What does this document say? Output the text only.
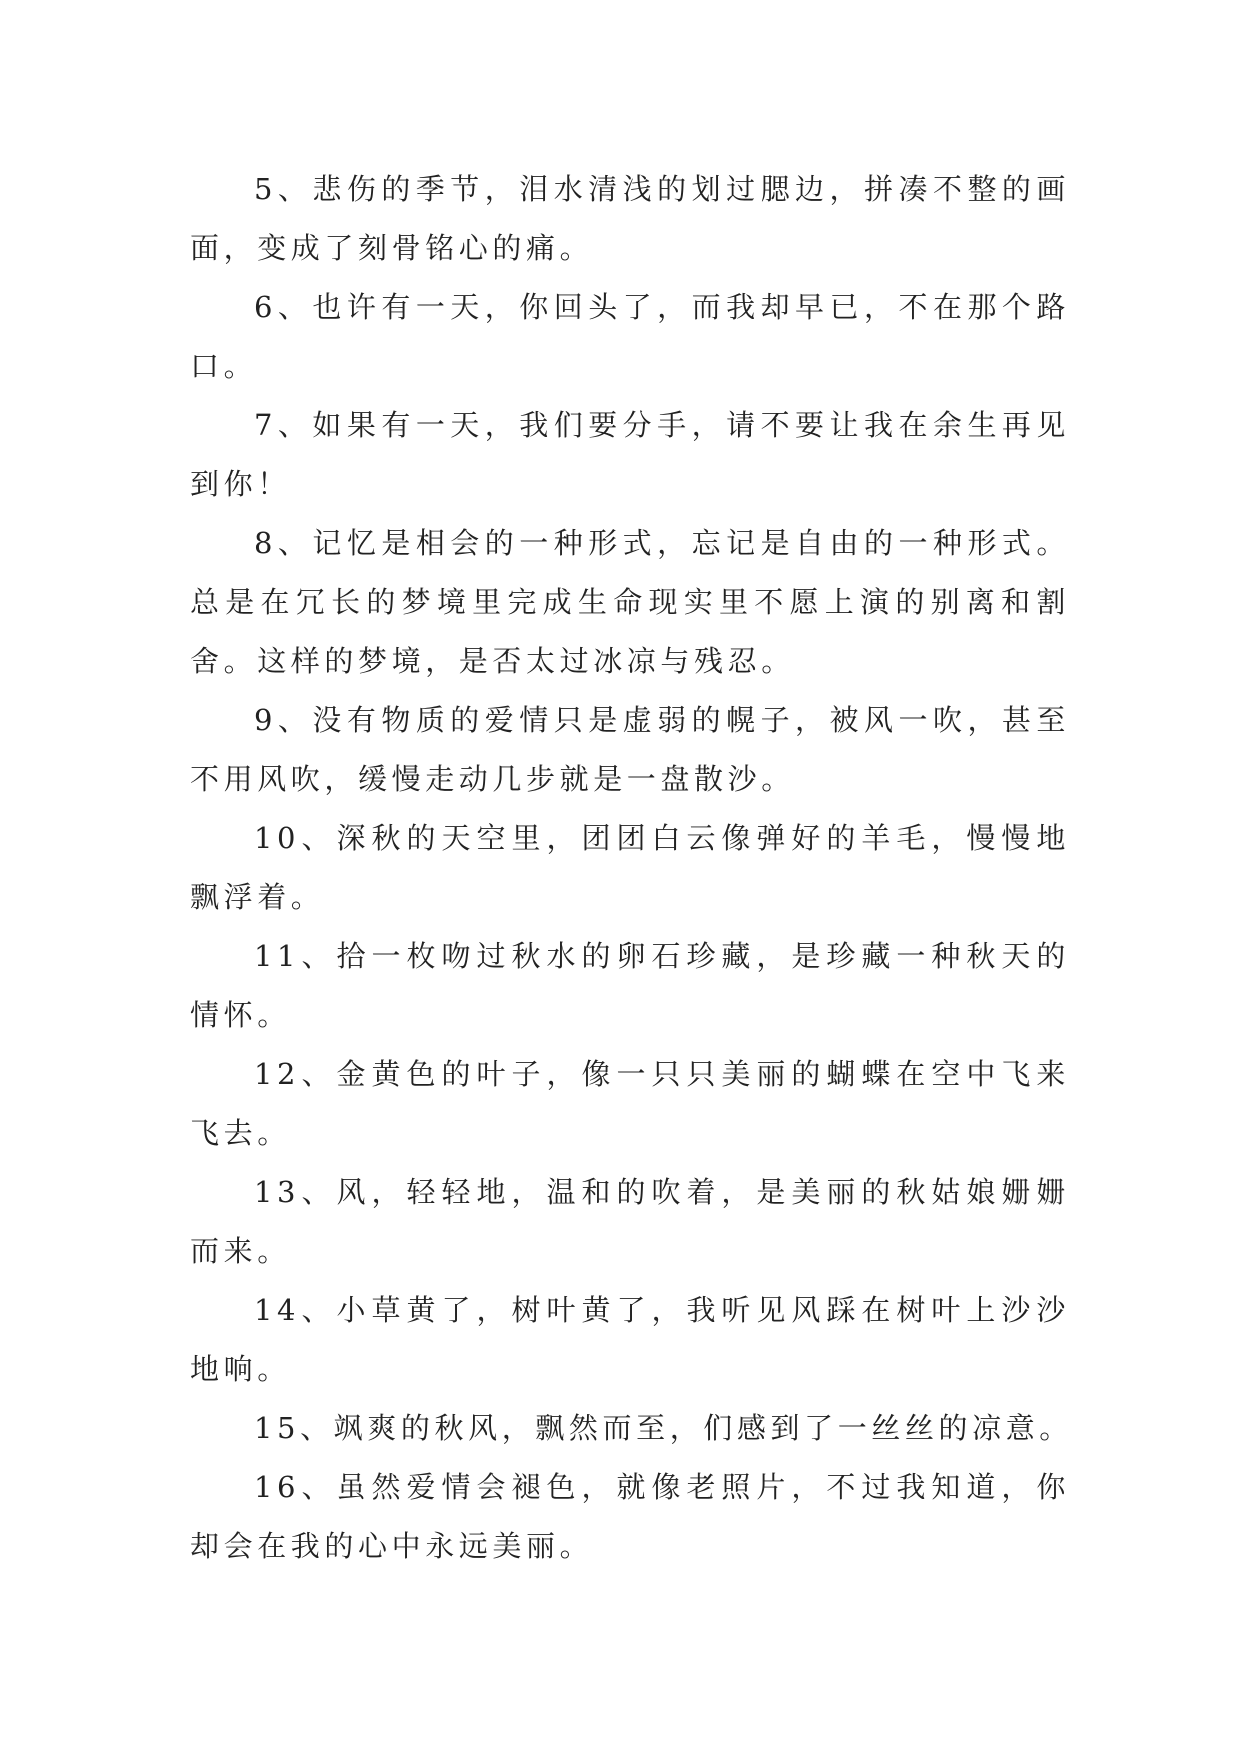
5、悲伤的季节，泪水清浅的划过腮边，拼凑不整的画面，变成了刻骨铭心的痛。

6、也许有一天，你回头了，而我却早已，不在那个路口。

7、如果有一天，我们要分手，请不要让我在余生再见到你！

8、记忆是相会的一种形式，忘记是自由的一种形式。总是在冗长的梦境里完成生命现实里不愿上演的别离和割舍。这样的梦境，是否太过冰凉与残忍。

9、没有物质的爱情只是虚弱的幌子，被风一吹，甚至不用风吹，缓慢走动几步就是一盘散沙。

10、深秋的天空里，团团白云像弹好的羊毛，慢慢地飘浮着。

11、拾一枚吻过秋水的卵石珍藏，是珍藏一种秋天的情怀。

12、金黄色的叶子，像一只只美丽的蝴蝶在空中飞来飞去。

13、风，轻轻地，温和的吹着，是美丽的秋姑娘姗姗而来。

14、小草黄了，树叶黄了，我听见风踩在树叶上沙沙地响。

15、飒爽的秋风，飘然而至，们感到了一丝丝的凉意。

16、虽然爱情会褪色，就像老照片，不过我知道，你却会在我的心中永远美丽。
